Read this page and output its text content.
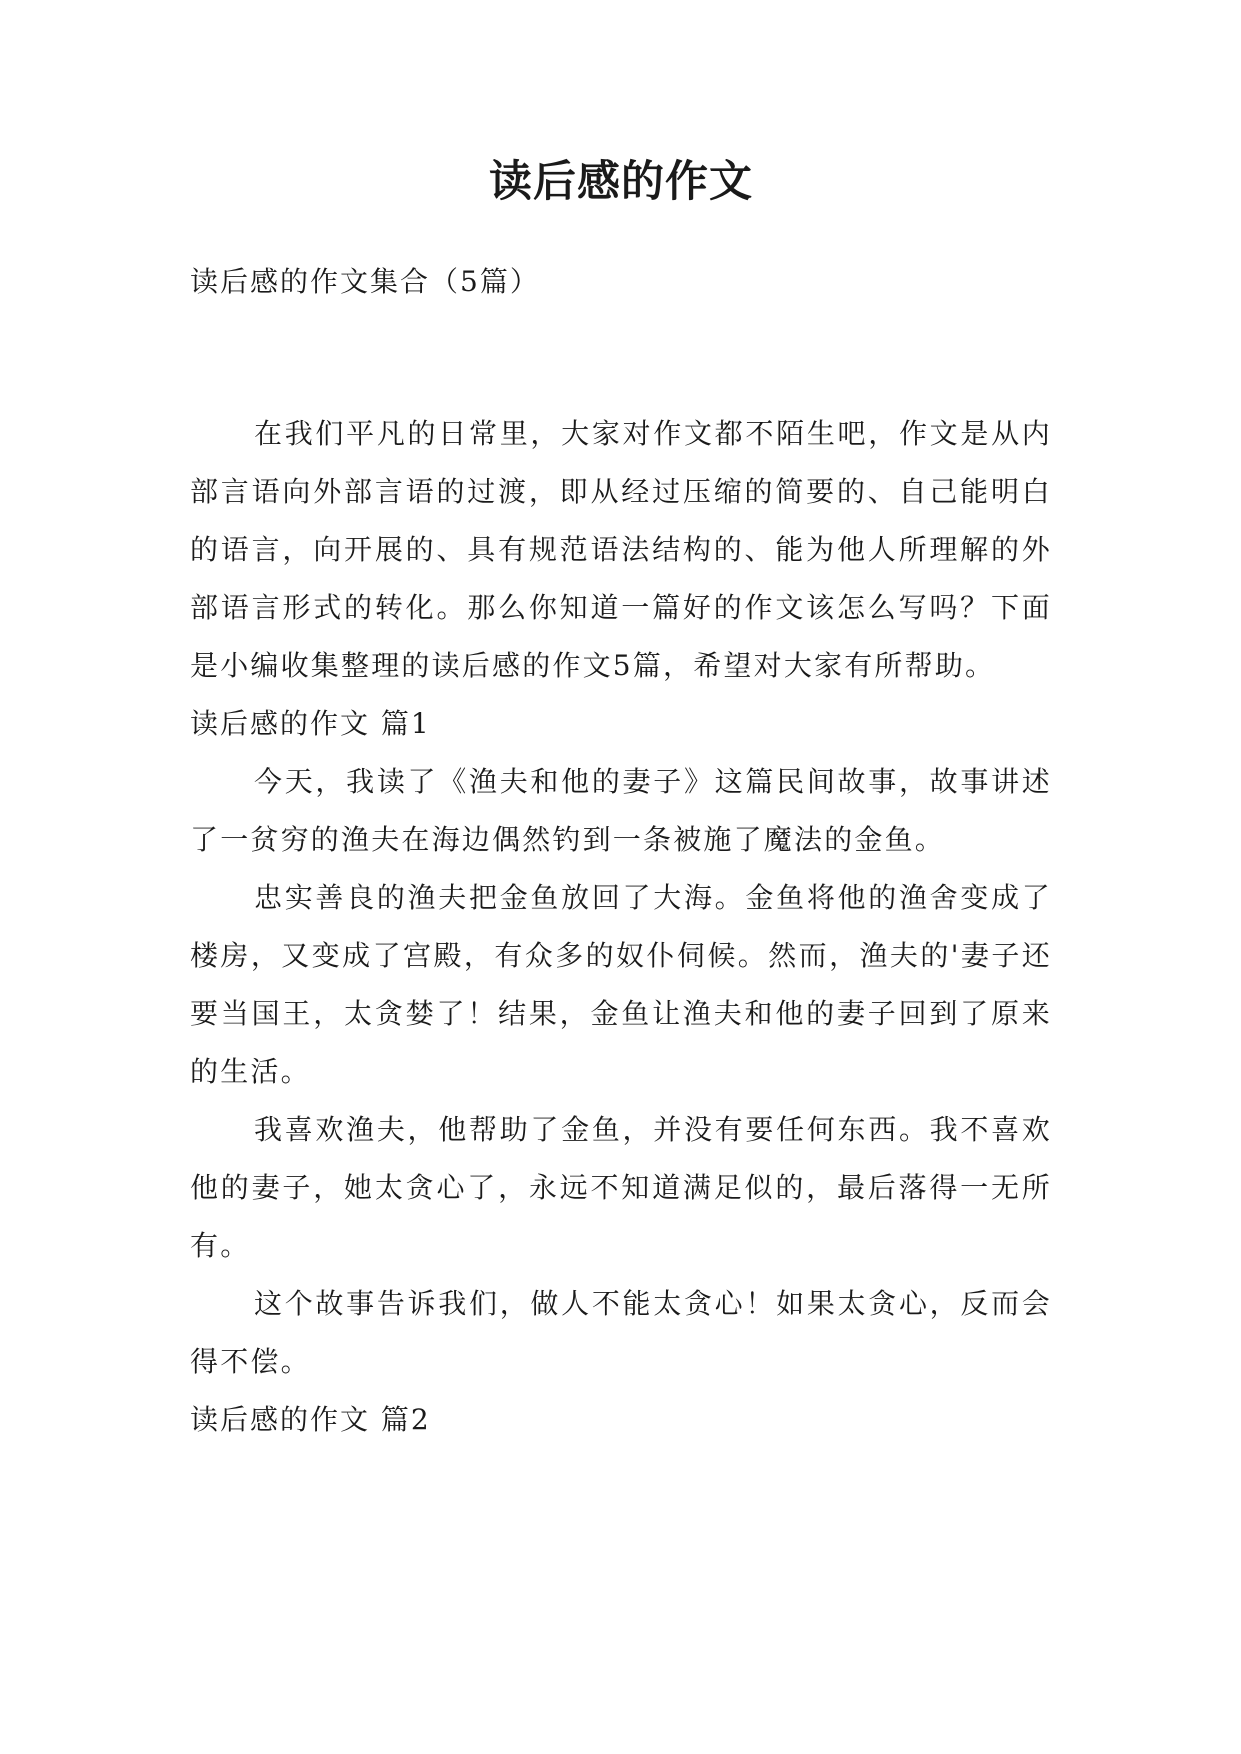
读后感的作文

读后感的作文集合（5篇）

在我们平凡的日常里，大家对作文都不陌生吧，作文是从内部言语向外部言语的过渡，即从经过压缩的简要的、自己能明白的语言，向开展的、具有规范语法结构的、能为他人所理解的外部语言形式的转化。那么你知道一篇好的作文该怎么写吗？下面是小编收集整理的读后感的作文5篇，希望对大家有所帮助。

读后感的作文 篇1

今天，我读了《渔夫和他的妻子》这篇民间故事，故事讲述了一贫穷的渔夫在海边偶然钓到一条被施了魔法的金鱼。

忠实善良的渔夫把金鱼放回了大海。金鱼将他的渔舍变成了楼房，又变成了宫殿，有众多的奴仆伺候。然而，渔夫的'妻子还要当国王，太贪婪了！结果，金鱼让渔夫和他的妻子回到了原来的生活。

我喜欢渔夫，他帮助了金鱼，并没有要任何东西。我不喜欢他的妻子，她太贪心了，永远不知道满足似的，最后落得一无所有。

这个故事告诉我们，做人不能太贪心！如果太贪心，反而会得不偿。

读后感的作文 篇2
